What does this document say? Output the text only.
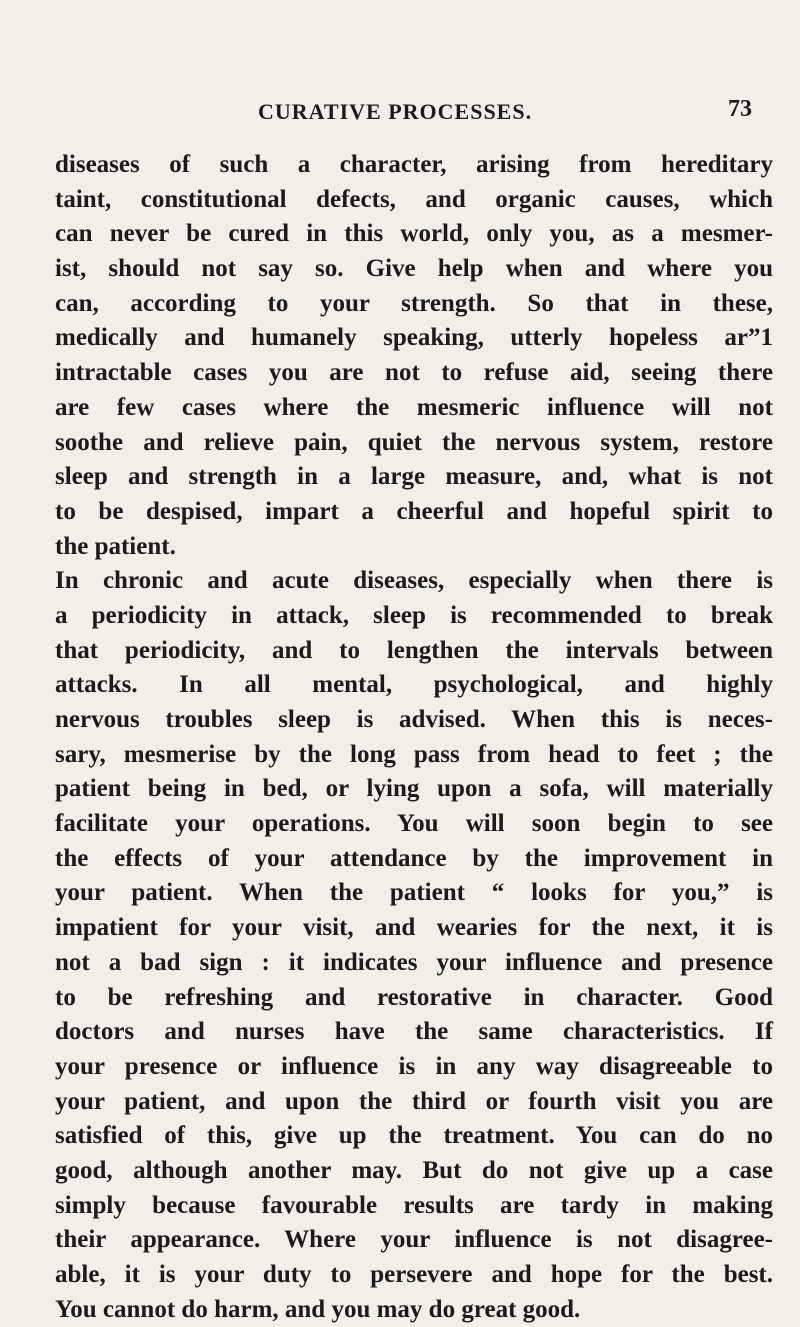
CURATIVE PROCESSES.	73
diseases of such a character, arising from hereditary
taint, constitutional defects, and organic causes, which
can never be cured in this world, only you, as a mesmer-
ist, should not say so. Give help when and where you
can, according to your strength. So that in these,
medically and humanely speaking, utterly hopeless ar”1
intractable cases you are not to refuse aid, seeing there
are few cases where the mesmeric influence will not
soothe and relieve pain, quiet the nervous system, restore
sleep and strength in a large measure, and, what is not
to be despised, impart a cheerful and hopeful spirit to
the patient.
In chronic and acute diseases, especially when there is
a periodicity in attack, sleep is recommended to break
that periodicity, and to lengthen the intervals between
attacks. In all mental, psychological, and highly
nervous troubles sleep is advised. When this is neces-
sary, mesmerise by the long pass from head to feet ; the
patient being in bed, or lying upon a sofa, will materially
facilitate your operations. You will soon begin to see
the effects of your attendance by the improvement in
your patient. When the patient “ looks for you,” is
impatient for your visit, and wearies for the next, it is
not a bad sign : it indicates your influence and presence
to be refreshing and restorative in character. Good
doctors and nurses have the same characteristics. If
your presence or influence is in any way disagreeable to
your patient, and upon the third or fourth visit you are
satisfied of this, give up the treatment. You can do no
good, although another may. But do not give up a case
simply because favourable results are tardy in making
their appearance. Where your influence is not disagree-
able, it is your duty to persevere and hope for the best.
You cannot do harm, and you may do great good.
